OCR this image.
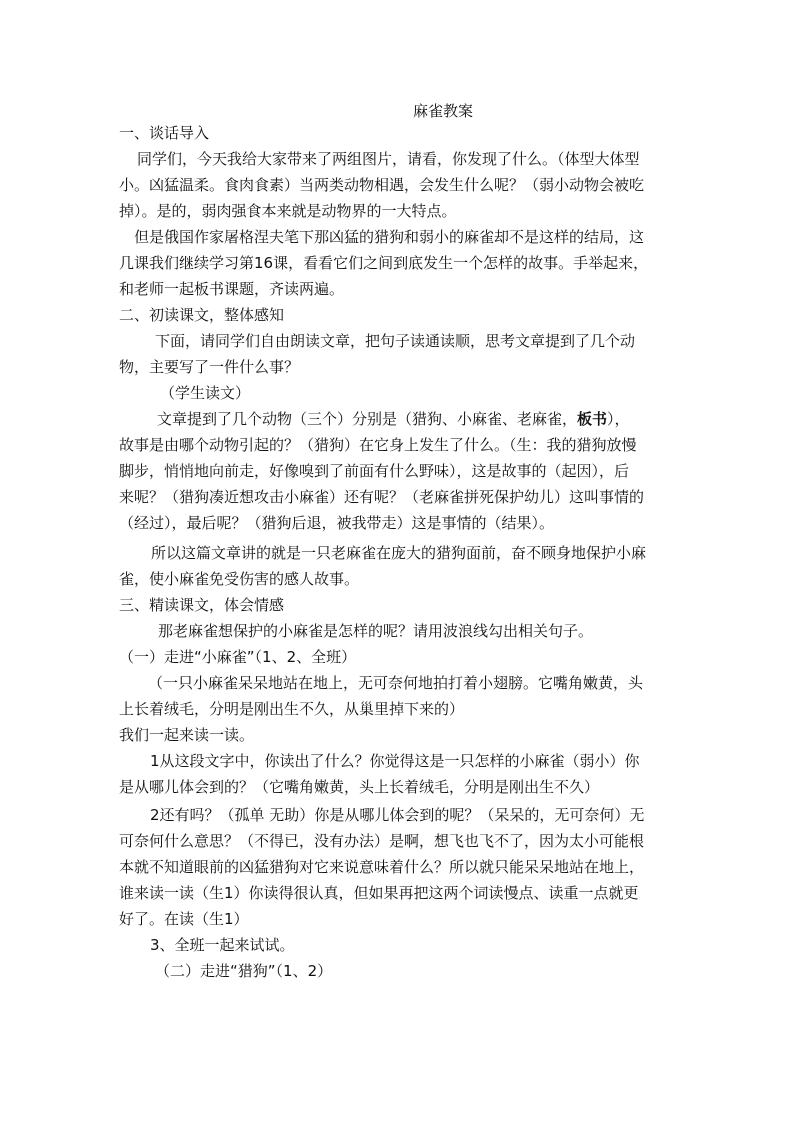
麻雀教案
一、谈话导入
同学们，今天我给大家带来了两组图片，请看，你发现了什么。（体型大体型
小。凶猛温柔。食肉食素）当两类动物相遇，会发生什么呢？（弱小动物会被吃
掉）。是的，弱肉强食本来就是动物界的一大特点。
但是俄国作家屠格涅夫笔下那凶猛的猎狗和弱小的麻雀却不是这样的结局，这
几课我们继续学习第16课，看看它们之间到底发生一个怎样的故事。手举起来，
和老师一起板书课题，齐读两遍。
二、初读课文，整体感知
下面，请同学们自由朗读文章，把句子读通读顺，思考文章提到了几个动
物，主要写了一件什么事？
（学生读文）
文章提到了几个动物（三个）分别是（猎狗、小麻雀、老麻雀，板书），
故事是由哪个动物引起的？（猎狗）在它身上发生了什么。（生：我的猎狗放慢
脚步，悄悄地向前走，好像嗅到了前面有什么野味），这是故事的（起因），后
来呢？（猎狗凑近想攻击小麻雀）还有呢？（老麻雀拼死保护幼儿）这叫事情的
（经过），最后呢？（猎狗后退，被我带走）这是事情的（结果）。
所以这篇文章讲的就是一只老麻雀在庞大的猎狗面前，奋不顾身地保护小麻
雀，使小麻雀免受伤害的感人故事。
三、精读课文，体会情感
那老麻雀想保护的小麻雀是怎样的呢？请用波浪线勾出相关句子。
（一）走进“小麻雀”（1、2、全班）
（一只小麻雀呆呆地站在地上，无可奈何地拍打着小翅膀。它嘴角嫩黄，头
上长着绒毛，分明是刚出生不久，从巢里掉下来的）
我们一起来读一读。
1从这段文字中，你读出了什么？你觉得这是一只怎样的小麻雀（弱小）你
是从哪儿体会到的？（它嘴角嫩黄，头上长着绒毛，分明是刚出生不久）
2还有吗？（孤单 无助）你是从哪儿体会到的呢？（呆呆的，无可奈何）无
可奈何什么意思？（不得已，没有办法）是啊，想飞也飞不了，因为太小可能根
本就不知道眼前的凶猛猎狗对它来说意味着什么？所以就只能呆呆地站在地上，
谁来读一读（生1）你读得很认真，但如果再把这两个词读慢点、读重一点就更
好了。在读（生1）
3、全班一起来试试。
（二）走进“猎狗”（1、2）
